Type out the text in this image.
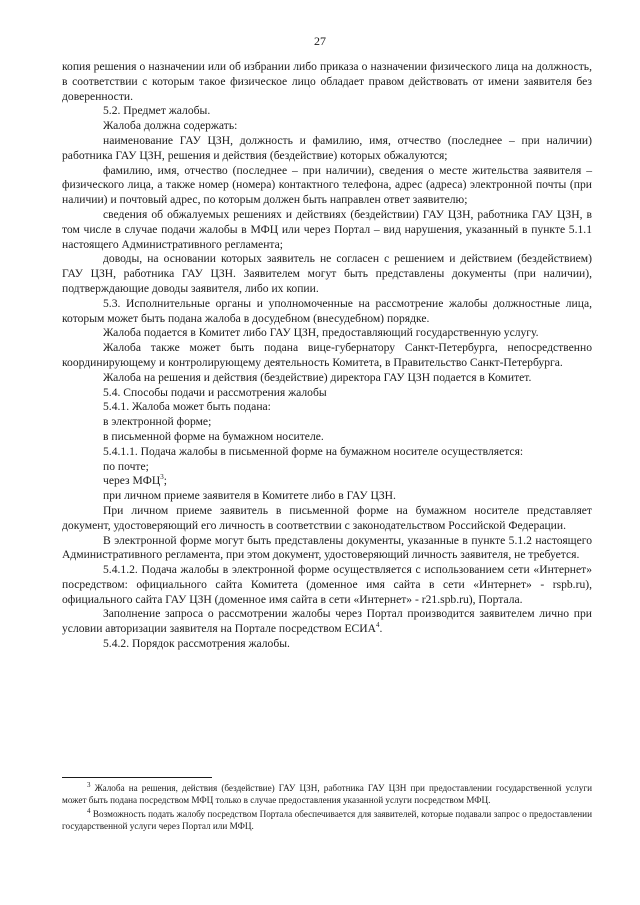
27

копия решения о назначении или об избрании либо приказа о назначении физического лица на должность, в соответствии с которым такое физическое лицо обладает правом действовать от имени заявителя без доверенности.

5.2. Предмет жалобы.

Жалоба должна содержать:

наименование ГАУ ЦЗН, должность и фамилию, имя, отчество (последнее – при наличии) работника ГАУ ЦЗН, решения и действия (бездействие) которых обжалуются;

фамилию, имя, отчество (последнее – при наличии), сведения о месте жительства заявителя – физического лица, а также номер (номера) контактного телефона, адрес (адреса) электронной почты (при наличии) и почтовый адрес, по которым должен быть направлен ответ заявителю;

сведения об обжалуемых решениях и действиях (бездействии) ГАУ ЦЗН, работника ГАУ ЦЗН, в том числе в случае подачи жалобы в МФЦ или через Портал – вид нарушения, указанный в пункте 5.1.1 настоящего Административного регламента;

доводы, на основании которых заявитель не согласен с решением и действием (бездействием) ГАУ ЦЗН, работника ГАУ ЦЗН. Заявителем могут быть представлены документы (при наличии), подтверждающие доводы заявителя, либо их копии.

5.3. Исполнительные органы и уполномоченные на рассмотрение жалобы должностные лица, которым может быть подана жалоба в досудебном (внесудебном) порядке.

Жалоба подается в Комитет либо ГАУ ЦЗН, предоставляющий государственную услугу.

Жалоба также может быть подана вице-губернатору Санкт-Петербурга, непосредственно координирующему и контролирующему деятельность Комитета, в Правительство Санкт-Петербурга.

Жалоба на решения и действия (бездействие) директора ГАУ ЦЗН подается в Комитет.

5.4. Способы подачи и рассмотрения жалобы

5.4.1. Жалоба может быть подана:

в электронной форме;

в письменной форме на бумажном носителе.

5.4.1.1. Подача жалобы в письменной форме на бумажном носителе осуществляется:

по почте;

через МФЦ$^3$;

при личном приеме заявителя в Комитете либо в ГАУ ЦЗН.

При личном приеме заявитель в письменной форме на бумажном носителе представляет документ, удостоверяющий его личность в соответствии с законодательством Российской Федерации.

В электронной форме могут быть представлены документы, указанные в пункте 5.1.2 настоящего Административного регламента, при этом документ, удостоверяющий личность заявителя, не требуется.

5.4.1.2. Подача жалобы в электронной форме осуществляется с использованием сети «Интернет» посредством: официального сайта Комитета (доменное имя сайта в сети «Интернет» - rspb.ru), официального сайта ГАУ ЦЗН (доменное имя сайта в сети «Интернет» - r21.spb.ru), Портала.

Заполнение запроса о рассмотрении жалобы через Портал производится заявителем лично при условии авторизации заявителя на Портале посредством ЕСИА$^4$.

5.4.2. Порядок рассмотрения жалобы.

$^3$ Жалоба на решения, действия (бездействие) ГАУ ЦЗН, работника ГАУ ЦЗН при предоставлении государственной услуги может быть подана посредством МФЦ только в случае предоставления указанной услуги посредством МФЦ.

$^4$ Возможность подать жалобу посредством Портала обеспечивается для заявителей, которые подавали запрос о предоставлении государственной услуги через Портал или МФЦ.
